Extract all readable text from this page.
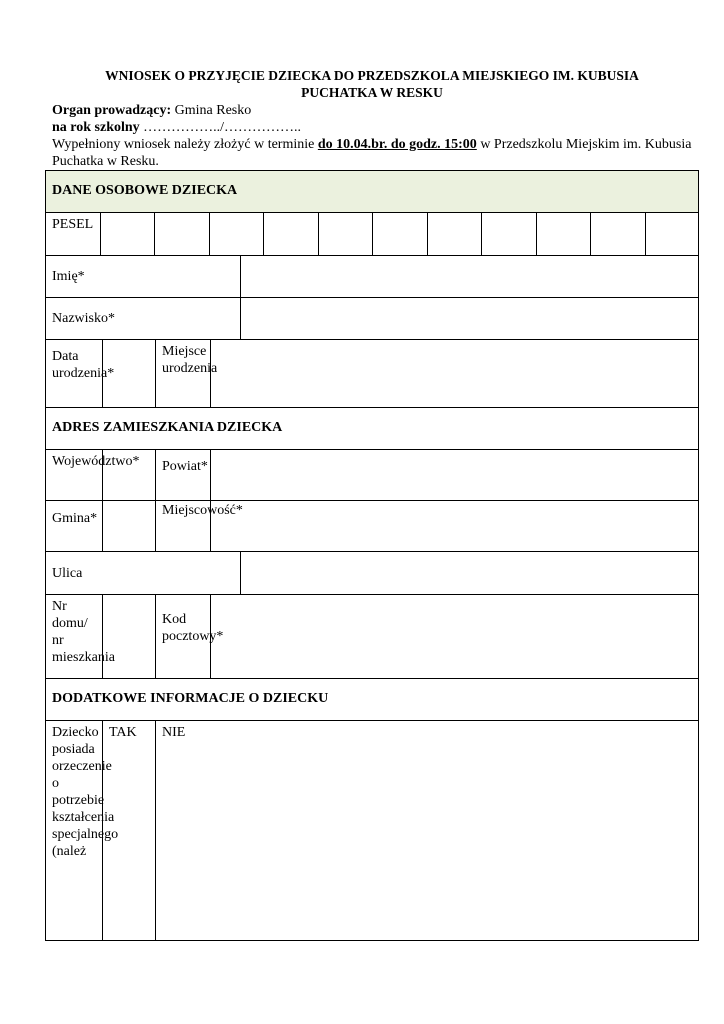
WNIOSEK O PRZYJĘCIE DZIECKA DO PRZEDSZKOLA MIEJSKIEGO IM. KUBUSIA
PUCHATKA W RESKU
Organ prowadzący: Gmina Resko
na rok szkolny ……………../……………..
Wypełniony wniosek należy złożyć w terminie do 10.04.br. do godz. 15:00 w Przedszkolu Miejskim im. Kubusia Puchatka w Resku.
DANE OSOBOWE DZIECKA
PESEL
Imię*
Nazwisko*
Data urodzenia*
Miejsce urodzenia
ADRES ZAMIESZKANIA DZIECKA
Województwo*	Powiat*
Gmina*
Miejscowość*
Ulica
Nr domu/ nr mieszkania
Kod pocztowy*
DODATKOWE INFORMACJE O DZIECKU
Dziecko posiada orzeczenie o potrzebie kształcenia specjalnego (należ
TAK	NIE
